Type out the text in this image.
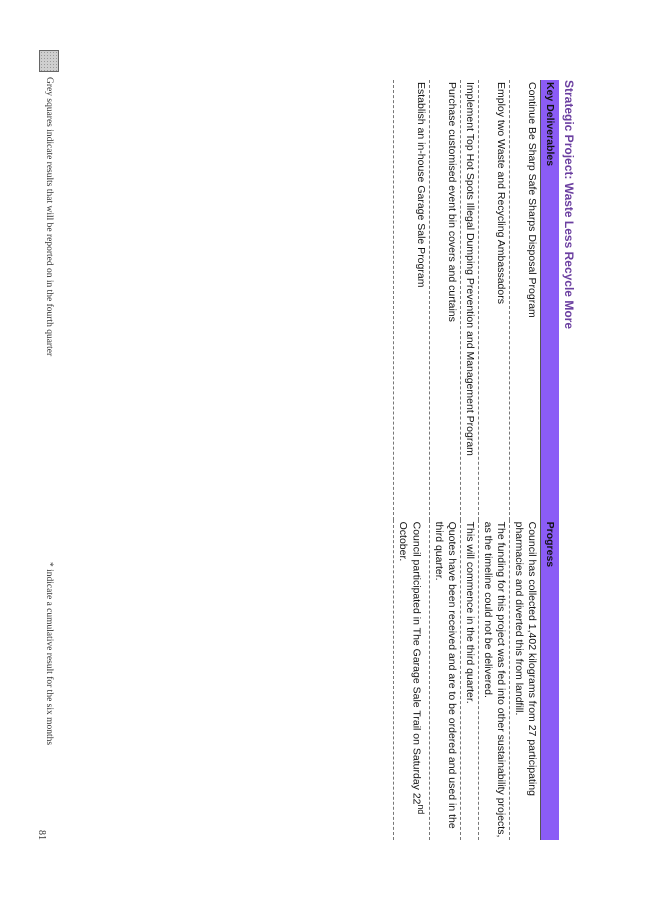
Strategic Project: Waste Less Recycle More
Key Deliverables	Progress
Continue Be Sharp Safe Sharps Disposal Program	Council has collected 1,402 kilograms from 27 participating pharmacies and diverted this from landfill.
Employ two Waste and Recycling Ambassadors	The funding for this project was fed into other sustainability projects, as the timeline could not be delivered.
Implement Top Hot Spots Illegal Dumping Prevention and Management Program	This will commence in the third quarter.
Purchase customised event bin covers and curtains	Quotes have been received and are to be ordered and used in the third quarter.
Establish an in-house Garage Sale Program	Council participated in The Garage Sale Trail on Saturday 22nd October.
Grey squares indicate results that will be reported on in the fourth quarter
* indicate a cumulative result for the six months
81
